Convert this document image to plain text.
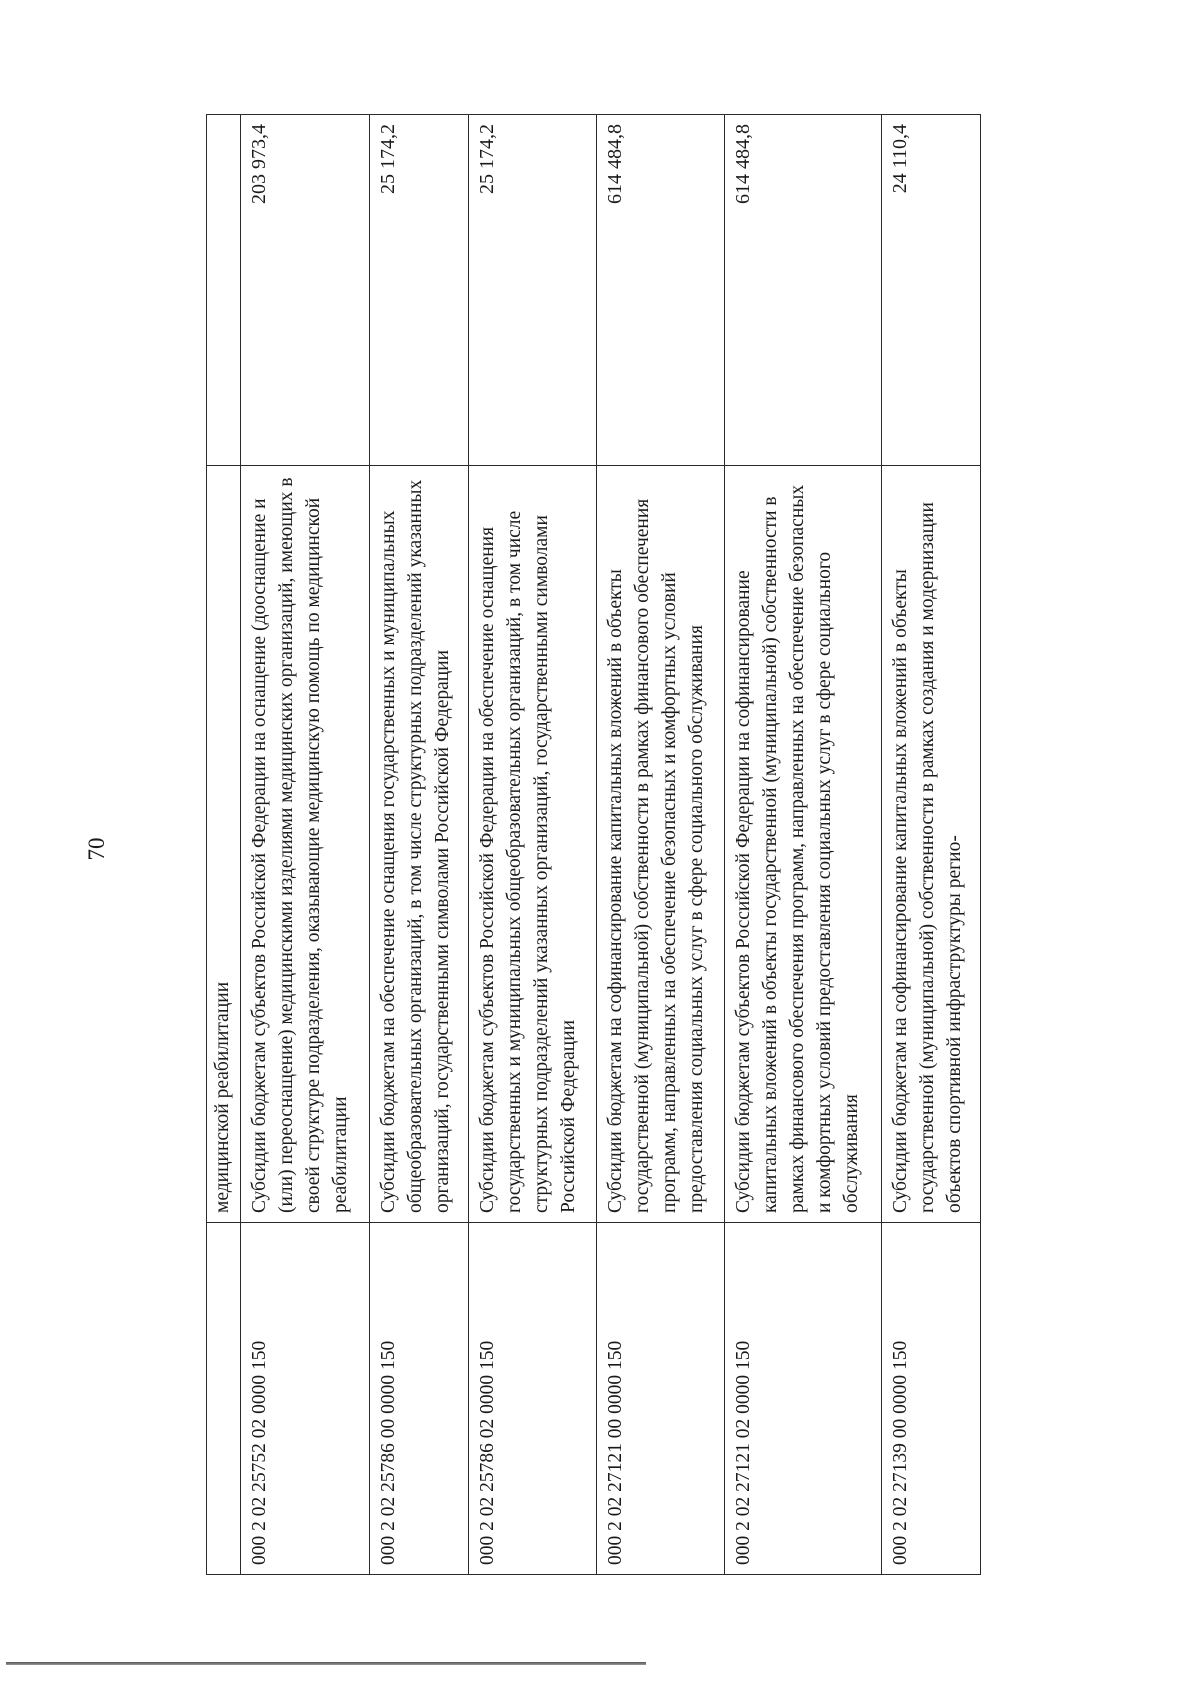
70
	медицинской реабилитации	
000 2 02 25752 02 0000 150	Субсидии бюджетам субъектов Российской Федерации на оснащение (дооснащение и (или) переоснащение) медицинскими изделиями медицинских организаций, имеющих в своей структуре подразделения, оказывающие медицинскую помощь по медицинской реабилитации	203 973,4
000 2 02 25786 00 0000 150	Субсидии бюджетам на обеспечение оснащения государственных и муниципальных общеобразовательных организаций, в том числе структурных подразделений указанных организаций, государственными символами Российской Федерации	25 174,2
000 2 02 25786 02 0000 150	Субсидии бюджетам субъектов Российской Федерации на обеспечение оснащения государственных и муниципальных общеобразовательных организаций, в том числе структурных подразделений указанных организаций, государственными символами Российской Федерации	25 174,2
000 2 02 27121 00 0000 150	Субсидии бюджетам на софинансирование капитальных вложений в объекты государственной (муниципальной) собственности в рамках финансового обеспечения программ, направленных на обеспечение безопасных и комфортных условий предоставления социальных услуг в сфере социального обслуживания	614 484,8
000 2 02 27121 02 0000 150	Субсидии бюджетам субъектов Российской Федерации на софинансирование капитальных вложений в объекты государственной (муниципальной) собственности в рамках финансового обеспечения программ, направленных на обеспечение безопасных и комфортных условий предоставления социальных услуг в сфере социального обслуживания	614 484,8
000 2 02 27139 00 0000 150	Субсидии бюджетам на софинансирование капитальных вложений в объекты государственной (муниципальной) собственности в рамках создания и модернизации объектов спортивной инфраструктуры регио-	24 110,4
